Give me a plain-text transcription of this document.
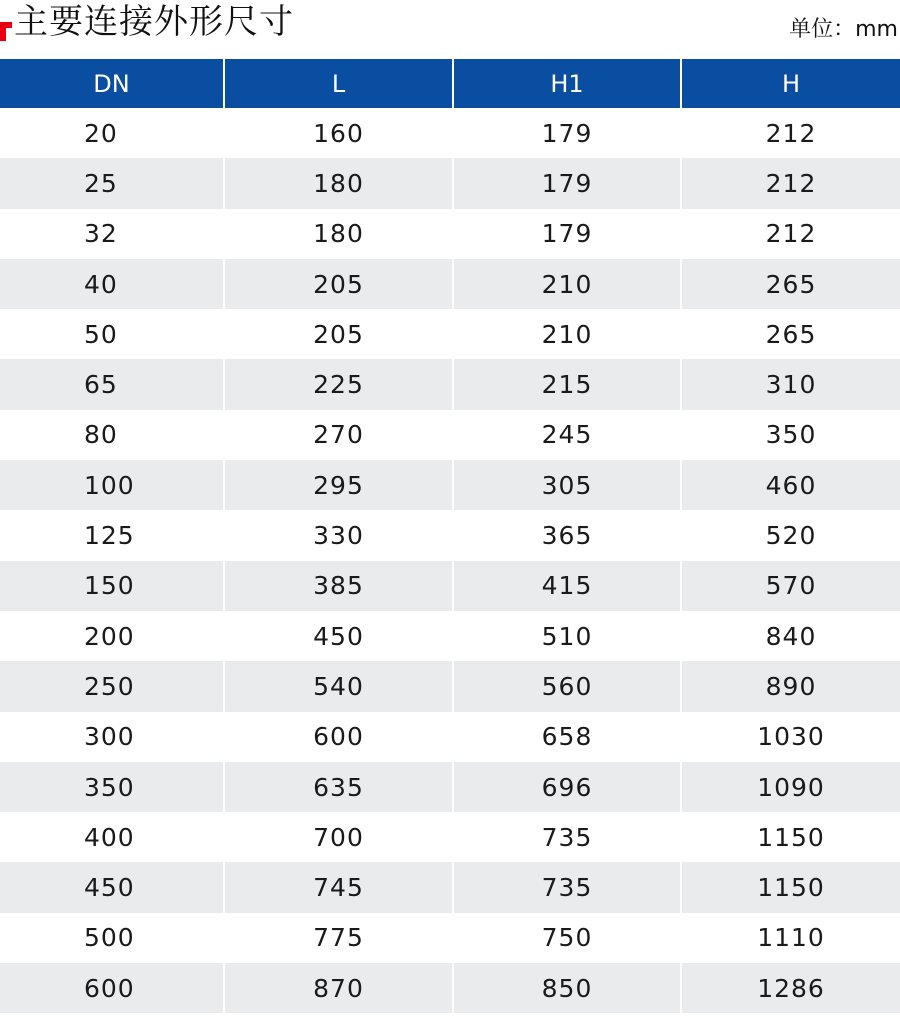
主要连接外形尺寸	单位：mm
DN	L	H1	H
20	160	179	212
25	180	179	212
32	180	179	212
40	205	210	265
50	205	210	265
65	225	215	310
80	270	245	350
100	295	305	460
125	330	365	520
150	385	415	570
200	450	510	840
250	540	560	890
300	600	658	1030
350	635	696	1090
400	700	735	1150
450	745	735	1150
500	775	750	1110
600	870	850	1286
